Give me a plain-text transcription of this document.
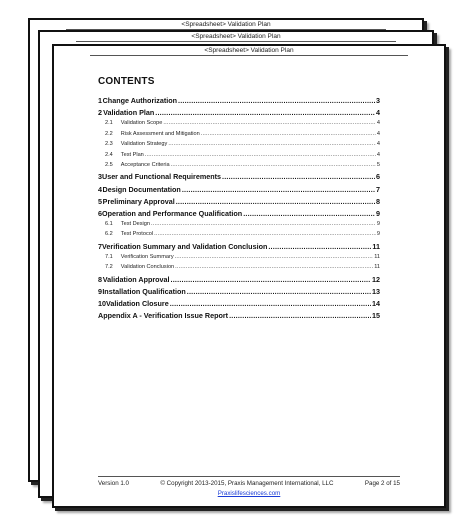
<Spreadsheet> Validation Plan
<Spreadsheet> Validation Plan
<Spreadsheet> Validation Plan
CONTENTS
1 Change Authorization .....	3
2 Validation Plan .....	4
2.1	Validation Scope .....	4
2.2	Risk Assessment and Mitigation .....	4
2.3	Validation Strategy .....	4
2.4	Test Plan .....	4
2.5	Acceptance Criteria .....	5
3 User and Functional Requirements .....	6
4 Design Documentation .....	7
5 Preliminary Approval .....	8
6 Operation and Performance Qualification .....	9
6.1	Test Design .....	9
6.2	Test Protocol .....	9
7 Verification Summary and Validation Conclusion .....	11
7.1	Verification Summary .....	11
7.2	Validation Conclusion .....	11
8 Validation Approval .....	12
9 Installation Qualification .....	13
10 Validation Closure .....	14
Appendix A - Verification Issue Report .....	15
Version 1.0	© Copyright 2013-2015, Praxis Management International, LLC	Page 2 of 15
Praxislifesciences.com
